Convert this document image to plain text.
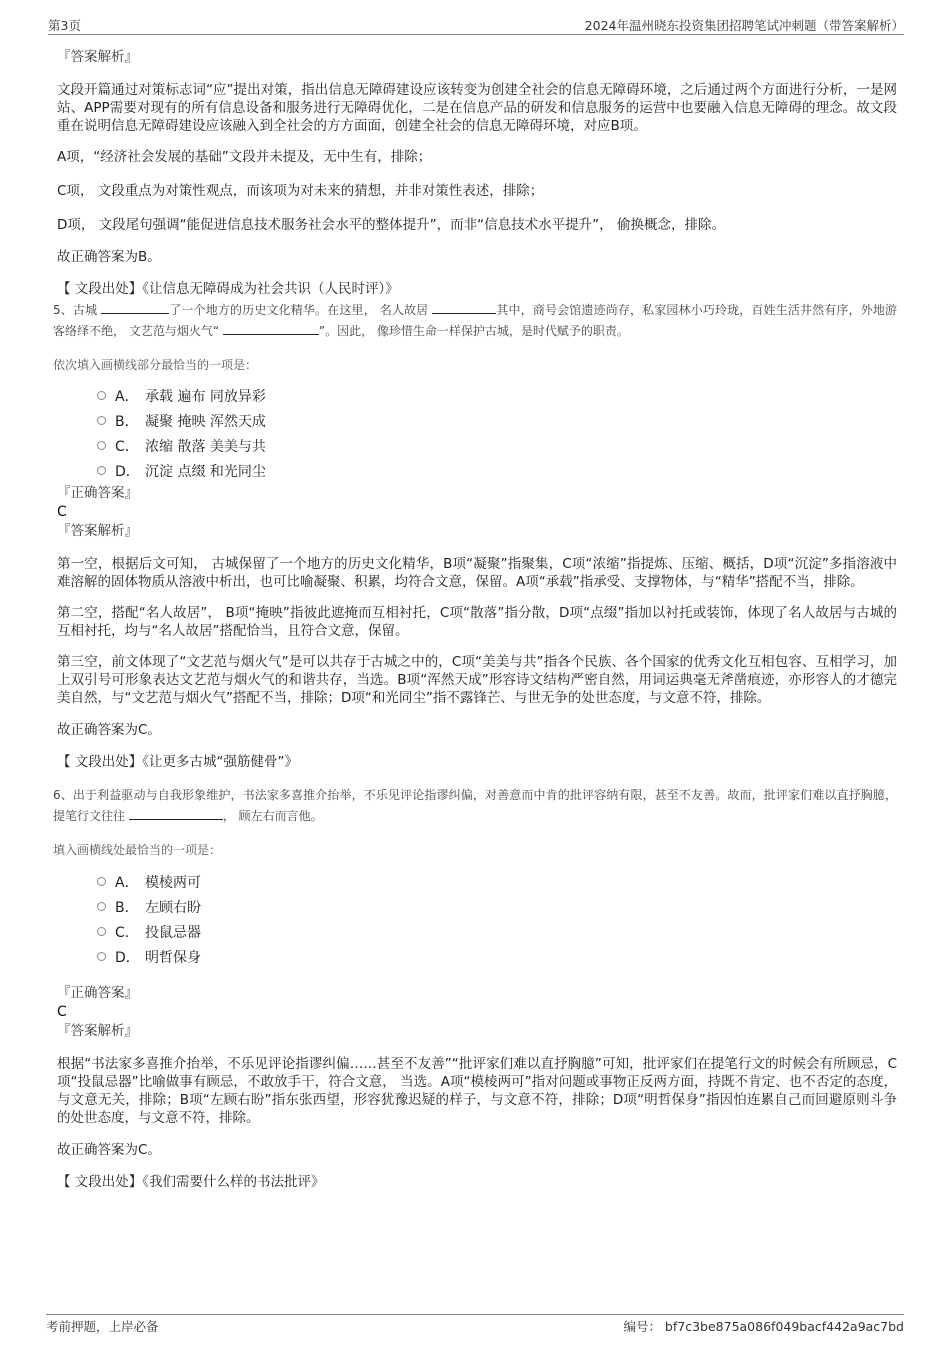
第3页	2024年温州晓东投资集团招聘笔试冲刺题（带答案解析）
『答案解析』
文段开篇通过对策标志词“应”提出对策，指出信息无障碍建设应该转变为创建全社会的信息无障碍环境，之后通过两个方面进行分析，一是网站、APP需要对现有的所有信息设备和服务进行无障碍优化，二是在信息产品的研发和信息服务的运营中也要融入信息无障碍的理念。故文段重在说明信息无障碍建设应该融入到全社会的方方面面，创建全社会的信息无障碍环境，对应B项。
A项，“经济社会发展的基础”文段并未提及，无中生有，排除；
C项， 文段重点为对策性观点，而该项为对未来的猜想，并非对策性表述，排除；
D项， 文段尾句强调“能促进信息技术服务社会水平的整体提升”，而非“信息技术水平提升”， 偷换概念，排除。
故正确答案为B。
【 文段出处】《让信息无障碍成为社会共识（人民时评）》
5、古城	了一个地方的历史文化精华。在这里， 名人故居	其中，商号会馆遗迹尚存，私家园林小巧玲珑，百姓生活井然有序，外地游客络绎不绝， 文艺范与烟火气“	”。因此， 像珍惜生命一样保护古城，是时代赋予的职责。
依次填入画横线部分最恰当的一项是：
A． 承载 遍布 同放异彩
B． 凝聚 掩映 浑然天成
C． 浓缩 散落 美美与共
D． 沉淀 点缀 和光同尘
『正确答案』
C
『答案解析』
第一空，根据后文可知， 古城保留了一个地方的历史文化精华，B项“凝聚”指聚集，C项“浓缩”指提炼、压缩、概括，D项“沉淀”多指溶液中难溶解的固体物质从溶液中析出，也可比喻凝聚、积累，均符合文意，保留。A项“承载”指承受、支撑物体，与“精华”搭配不当，排除。
第二空，搭配“名人故居”， B项“掩映”指彼此遮掩而互相衬托，C项“散落”指分散，D项“点缀”指加以衬托或装饰，体现了名人故居与古城的互相衬托，均与“名人故居”搭配恰当，且符合文意，保留。
第三空，前文体现了“文艺范与烟火气”是可以共存于古城之中的，C项“美美与共”指各个民族、各个国家的优秀文化互相包容、互相学习，加上双引号可形象表达文艺范与烟火气的和谐共存，当选。B项“浑然天成”形容诗文结构严密自然，用词运典毫无斧凿痕迹，亦形容人的才德完美自然，与“文艺范与烟火气”搭配不当，排除；D项“和光同尘”指不露锋芒、与世无争的处世态度，与文意不符，排除。
故正确答案为C。
【 文段出处】《让更多古城“强筋健骨”》
6、出于利益驱动与自我形象维护，书法家多喜推介抬举，不乐见评论指谬纠偏，对善意而中肯的批评容纳有限，甚至不友善。故而，批评家们难以直抒胸臆，提笔行文往往	， 顾左右而言他。
填入画横线处最恰当的一项是：
A． 模棱两可
B． 左顾右盼
C． 投鼠忌器
D． 明哲保身
『正确答案』
C
『答案解析』
根据“书法家多喜推介抬举，不乐见评论指谬纠偏……甚至不友善”“批评家们难以直抒胸臆”可知，批评家们在提笔行文的时候会有所顾忌，C项“投鼠忌器”比喻做事有顾忌，不敢放手干，符合文意， 当选。A项“模棱两可”指对问题或事物正反两方面，持既不肯定、也不否定的态度，与文意无关，排除；B项“左顾右盼”指东张西望，形容犹豫迟疑的样子，与文意不符，排除；D项“明哲保身”指因怕连累自己而回避原则斗争的处世态度，与文意不符，排除。
故正确答案为C。
【 文段出处】《我们需要什么样的书法批评》
考前押题，上岸必备	编号： bf7c3be875a086f049bacf442a9ac7bd
